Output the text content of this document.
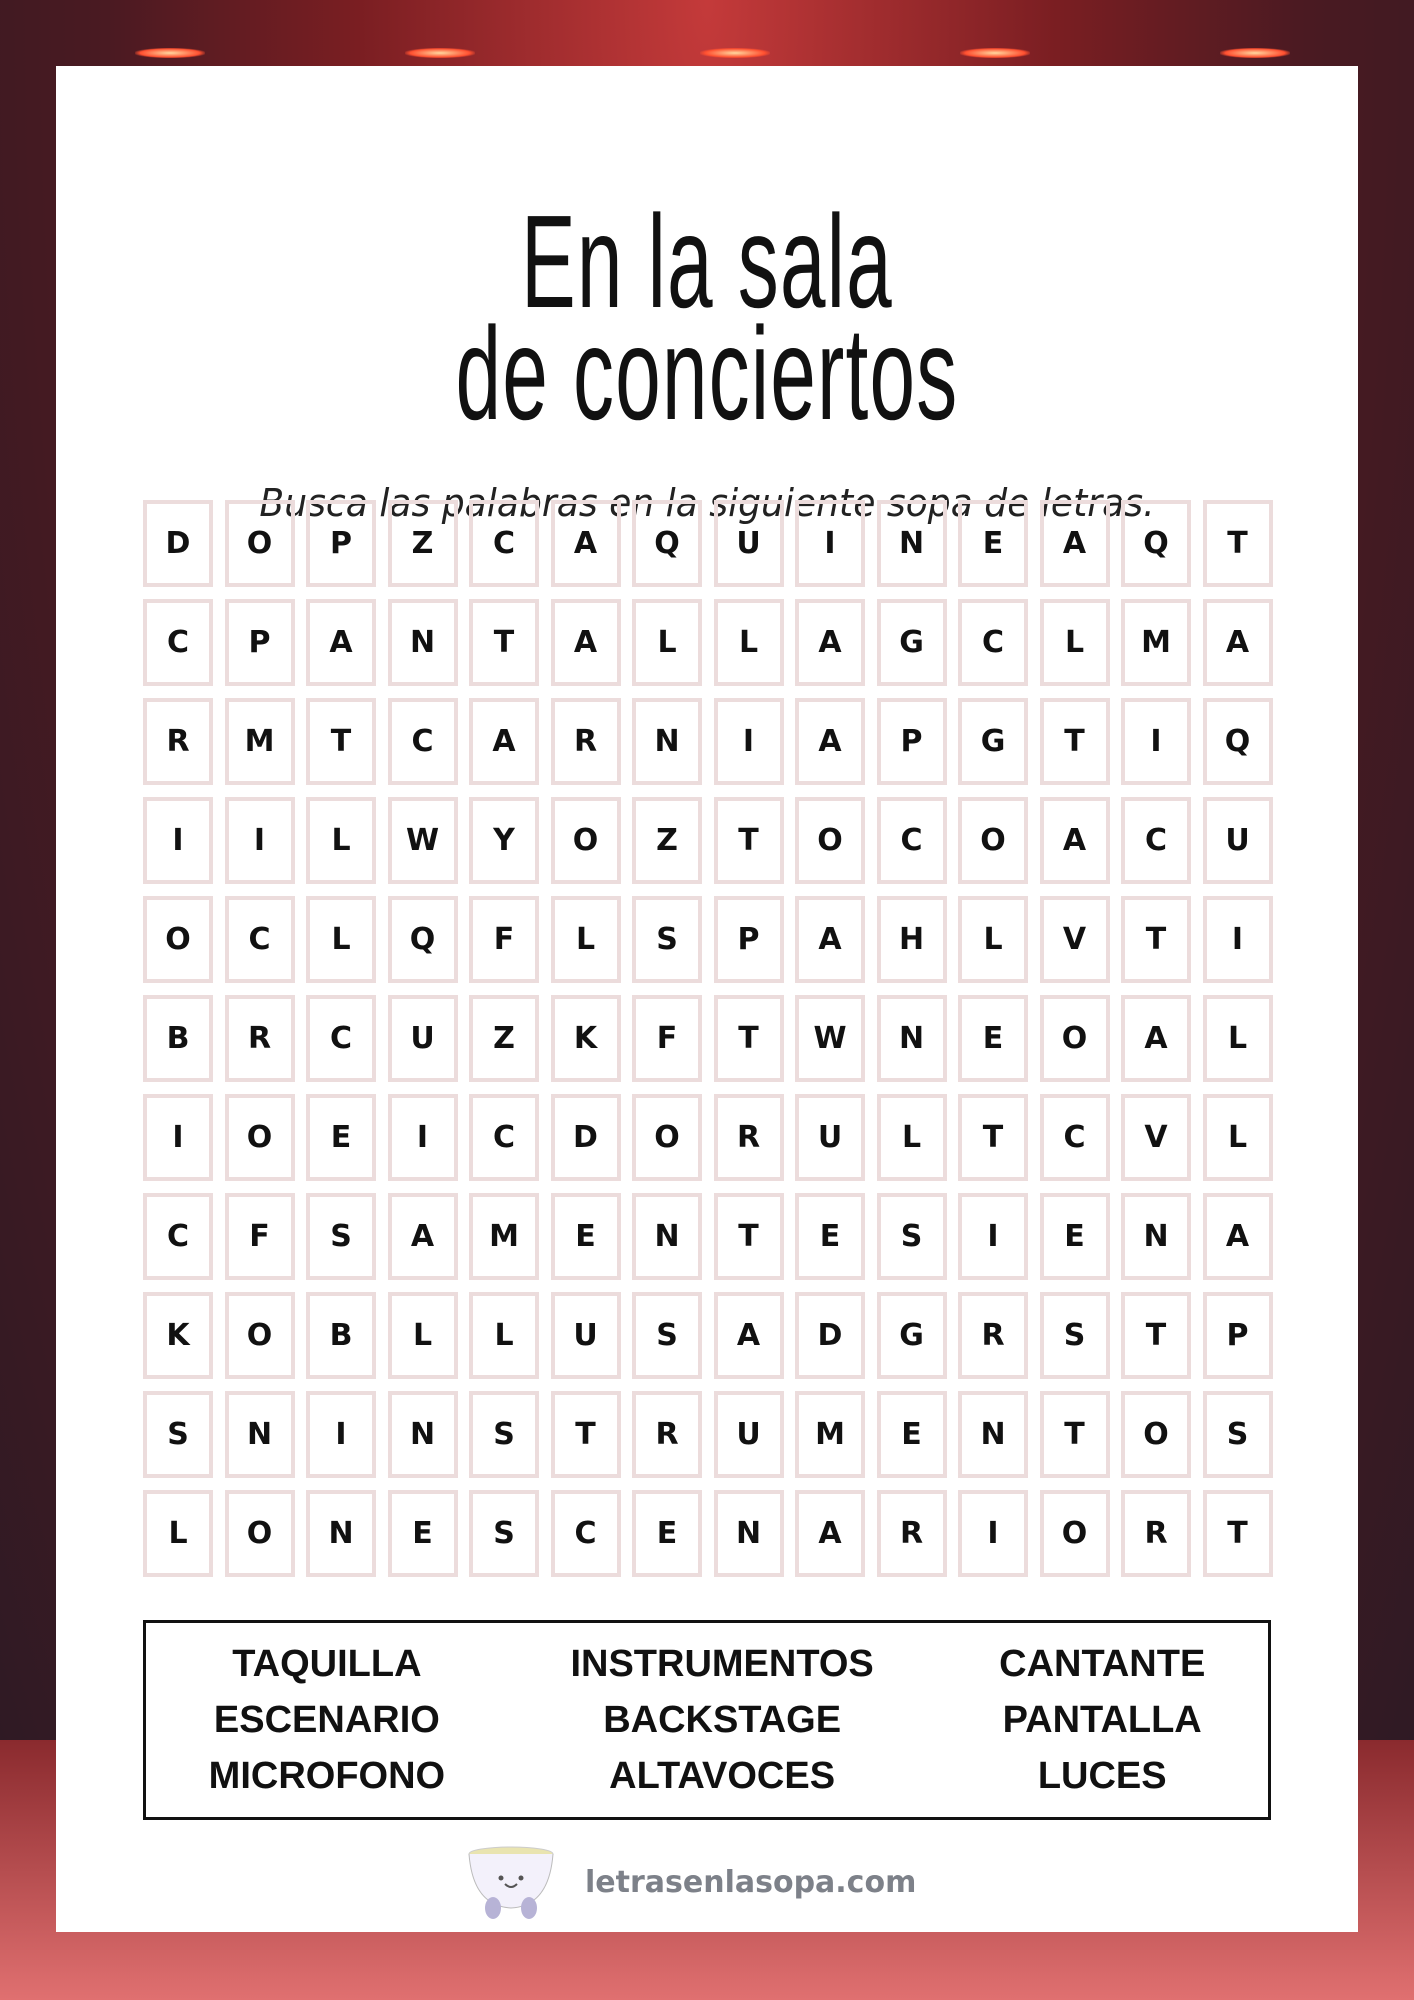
En la sala
de conciertos
Busca las palabras en la siguiente sopa de letras.
D	O	P	Z	C	A	Q	U	I	N	E	A	Q	T
C	P	A	N	T	A	L	L	A	G	C	L	M	A
R	M	T	C	A	R	N	I	A	P	G	T	I	Q
I	I	L	W	Y	O	Z	T	O	C	O	A	C	U
O	C	L	Q	F	L	S	P	A	H	L	V	T	I
B	R	C	U	Z	K	F	T	W	N	E	O	A	L
I	O	E	I	C	D	O	R	U	L	T	C	V	L
C	F	S	A	M	E	N	T	E	S	I	E	N	A
K	O	B	L	L	U	S	A	D	G	R	S	T	P
S	N	I	N	S	T	R	U	M	E	N	T	O	S
L	O	N	E	S	C	E	N	A	R	I	O	R	T
TAQUILLA
ESCENARIO
MICROFONO
INSTRUMENTOS
BACKSTAGE
ALTAVOCES
CANTANTE
PANTALLA
LUCES
letrasenlasopa.com
